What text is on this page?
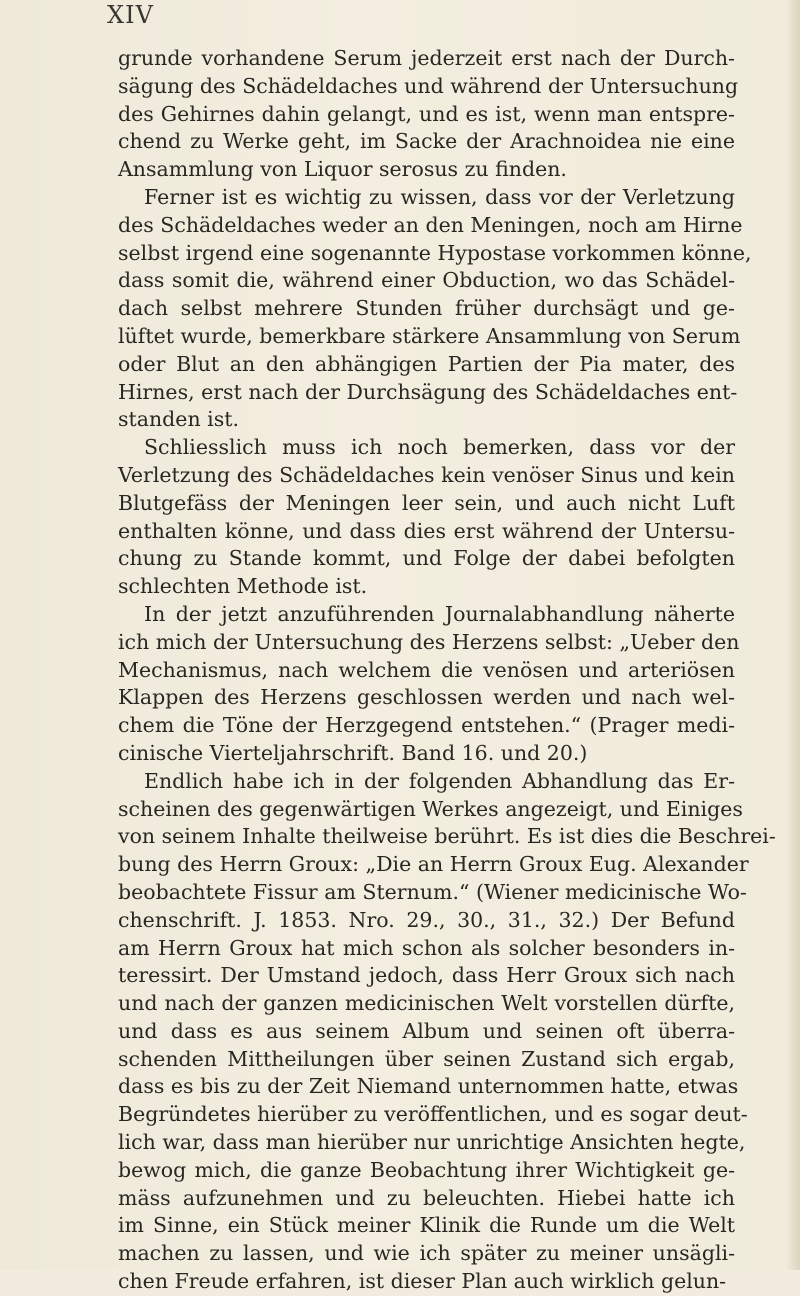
XIV
grunde vorhandene Serum jederzeit erst nach der Durch-
sägung des Schädeldaches und während der Untersuchung
des Gehirnes dahin gelangt, und es ist, wenn man entspre-
chend zu Werke geht, im Sacke der Arachnoidea nie eine
Ansammlung von Liquor serosus zu finden.
Ferner ist es wichtig zu wissen, dass vor der Verletzung
des Schädeldaches weder an den Meningen, noch am Hirne
selbst irgend eine sogenannte Hypostase vorkommen könne,
dass somit die, während einer Obduction, wo das Schädel-
dach selbst mehrere Stunden früher durchsägt und ge-
lüftet wurde, bemerkbare stärkere Ansammlung von Serum
oder Blut an den abhängigen Partien der Pia mater, des
Hirnes, erst nach der Durchsägung des Schädeldaches ent-
standen ist.
Schliesslich muss ich noch bemerken, dass vor der
Verletzung des Schädeldaches kein venöser Sinus und kein
Blutgefäss der Meningen leer sein, und auch nicht Luft
enthalten könne, und dass dies erst während der Untersu-
chung zu Stande kommt, und Folge der dabei befolgten
schlechten Methode ist.
In der jetzt anzuführenden Journalabhandlung näherte
ich mich der Untersuchung des Herzens selbst: „Ueber den
Mechanismus, nach welchem die venösen und arteriösen
Klappen des Herzens geschlossen werden und nach wel-
chem die Töne der Herzgegend entstehen.“ (Prager medi-
cinische Vierteljahrschrift. Band 16. und 20.)
Endlich habe ich in der folgenden Abhandlung das Er-
scheinen des gegenwärtigen Werkes angezeigt, und Einiges
von seinem Inhalte theilweise berührt. Es ist dies die Beschrei-
bung des Herrn Groux: „Die an Herrn Groux Eug. Alexander
beobachtete Fissur am Sternum.“ (Wiener medicinische Wo-
chenschrift. J. 1853. Nro. 29., 30., 31., 32.) Der Befund
am Herrn Groux hat mich schon als solcher besonders in-
teressirt. Der Umstand jedoch, dass Herr Groux sich nach
und nach der ganzen medicinischen Welt vorstellen dürfte,
und dass es aus seinem Album und seinen oft überra-
schenden Mittheilungen über seinen Zustand sich ergab,
dass es bis zu der Zeit Niemand unternommen hatte, etwas
Begründetes hierüber zu veröffentlichen, und es sogar deut-
lich war, dass man hierüber nur unrichtige Ansichten hegte,
bewog mich, die ganze Beobachtung ihrer Wichtigkeit ge-
mäss aufzunehmen und zu beleuchten. Hiebei hatte ich
im Sinne, ein Stück meiner Klinik die Runde um die Welt
machen zu lassen, und wie ich später zu meiner unsägli-
chen Freude erfahren, ist dieser Plan auch wirklich gelun-
